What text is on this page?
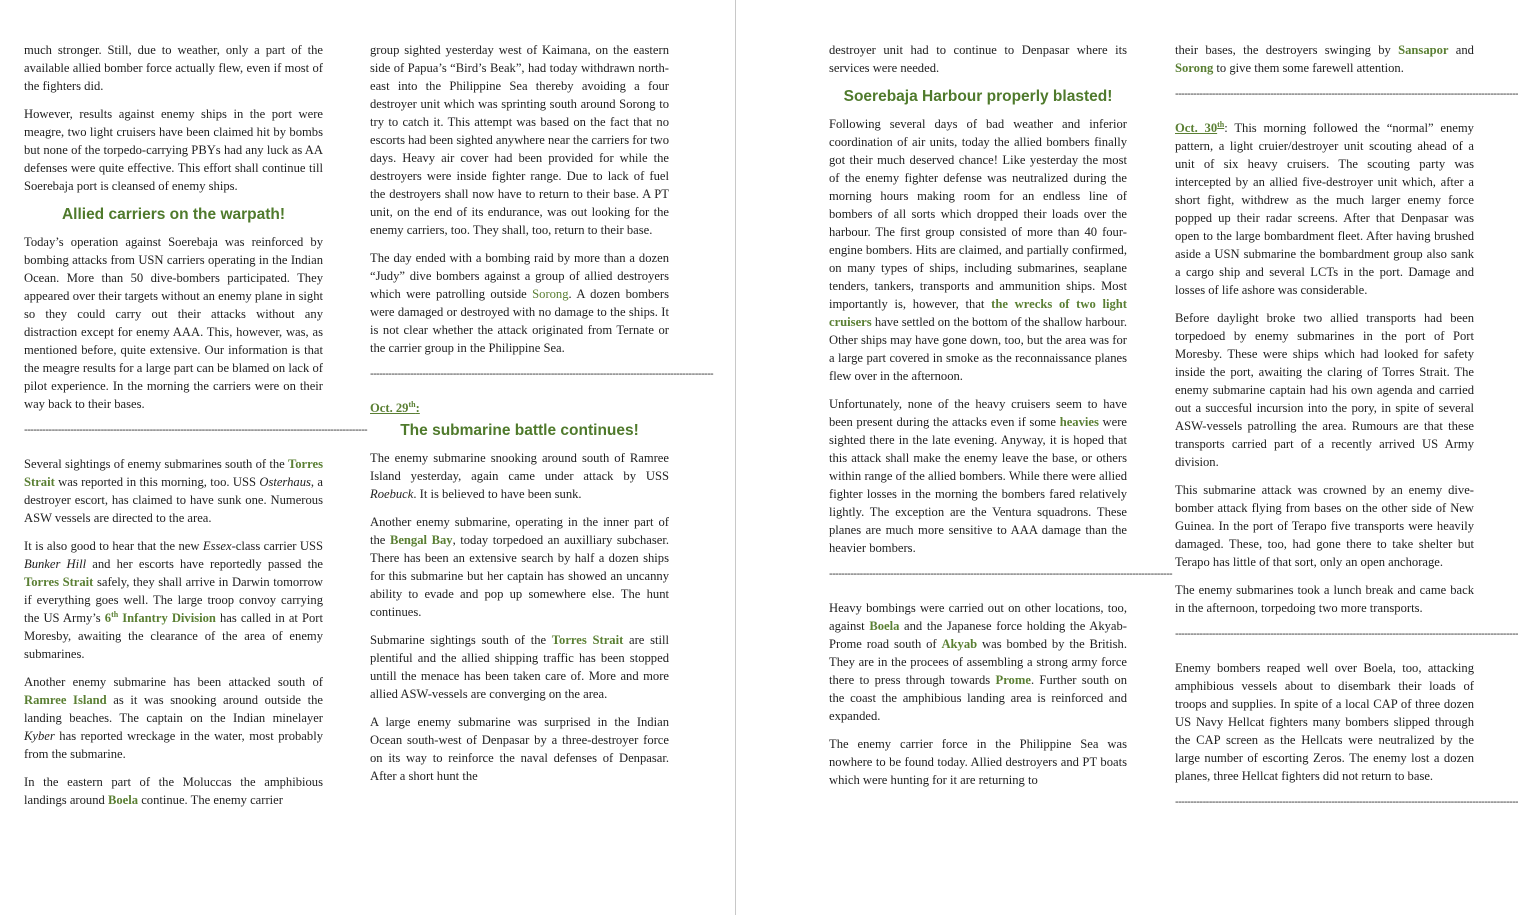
much stronger. Still, due to weather, only a part of the available allied bomber force actually flew, even if most of the fighters did.
However, results against enemy ships in the port were meagre, two light cruisers have been claimed hit by bombs but none of the torpedo-carrying PBYs had any luck as AA defenses were quite effective. This effort shall continue till Soerebaja port is cleansed of enemy ships.
Allied carriers on the warpath!
Today’s operation against Soerebaja was reinforced by bombing attacks from USN carriers operating in the Indian Ocean. More than 50 dive-bombers participated. They appeared over their targets without an enemy plane in sight so they could carry out their attacks without any distraction except for enemy AAA. This, however, was, as mentioned before, quite extensive. Our information is that the meagre results for a large part can be blamed on lack of pilot experience. In the morning the carriers were on their way back to their bases.
----------------------------------------------------------------------------------------------------------------
Several sightings of enemy submarines south of the Torres Strait was reported in this morning, too. USS Osterhaus, a destroyer escort, has claimed to have sunk one. Numerous ASW vessels are directed to the area.
It is also good to hear that the new Essex-class carrier USS Bunker Hill and her escorts have reportedly passed the Torres Strait safely, they shall arrive in Darwin tomorrow if everything goes well. The large troop convoy carrying the US Army’s 6th Infantry Division has called in at Port Moresby, awaiting the clearance of the area of enemy submarines.
Another enemy submarine has been attacked south of Ramree Island as it was snooking around outside the landing beaches. The captain on the Indian minelayer Kyber has reported wreckage in the water, most probably from the submarine.
In the eastern part of the Moluccas the amphibious landings around Boela continue. The enemy carrier
group sighted yesterday west of Kaimana, on the eastern side of Papua’s “Bird’s Beak”, had today withdrawn north-east into the Philippine Sea thereby avoiding a four destroyer unit which was sprinting south around Sorong to try to catch it. This attempt was based on the fact that no escorts had been sighted anywhere near the carriers for two days. Heavy air cover had been provided for while the destroyers were inside fighter range. Due to lack of fuel the destroyers shall now have to return to their base. A PT unit, on the end of its endurance, was out looking for the enemy carriers, too. They shall, too, return to their base.
The day ended with a bombing raid by more than a dozen “Judy” dive bombers against a group of allied destroyers which were patrolling outside Sorong. A dozen bombers were damaged or destroyed with no damage to the ships. It is not clear whether the attack originated from Ternate or the carrier group in the Philippine Sea.
----------------------------------------------------------------------------------------------------------------
Oct. 29th:
The submarine battle continues!
The enemy submarine snooking around south of Ramree Island yesterday, again came under attack by USS Roebuck. It is believed to have been sunk.
Another enemy submarine, operating in the inner part of the Bengal Bay, today torpedoed an auxilliary subchaser. There has been an extensive search by half a dozen ships for this submarine but her captain has showed an uncanny ability to evade and pop up somewhere else. The hunt continues.
Submarine sightings south of the Torres Strait are still plentiful and the allied shipping traffic has been stopped untill the menace has been taken care of. More and more allied ASW-vessels are converging on the area.
A large enemy submarine was surprised in the Indian Ocean south-west of Denpasar by a three-destroyer force on its way to reinforce the naval defenses of Denpasar. After a short hunt the
destroyer unit had to continue to Denpasar where its services were needed.
Soerebaja Harbour properly blasted!
Following several days of bad weather and inferior coordination of air units, today the allied bombers finally got their much deserved chance! Like yesterday the most of the enemy fighter defense was neutralized during the morning hours making room for an endless line of bombers of all sorts which dropped their loads over the harbour. The first group consisted of more than 40 four-engine bombers. Hits are claimed, and partially confirmed, on many types of ships, including submarines, seaplane tenders, tankers, transports and ammunition ships. Most importantly is, however, that the wrecks of two light cruisers have settled on the bottom of the shallow harbour. Other ships may have gone down, too, but the area was for a large part covered in smoke as the reconnaissance planes flew over in the afternoon.
Unfortunately, none of the heavy cruisers seem to have been present during the attacks even if some heavies were sighted there in the late evening. Anyway, it is hoped that this attack shall make the enemy leave the base, or others within range of the allied bombers. While there were allied fighter losses in the morning the bombers fared relatively lightly. The exception are the Ventura squadrons. These planes are much more sensitive to AAA damage than the heavier bombers.
----------------------------------------------------------------------------------------------------------------
Heavy bombings were carried out on other locations, too, against Boela and the Japanese force holding the Akyab-Prome road south of Akyab was bombed by the British. They are in the procees of assembling a strong army force there to press through towards Prome. Further south on the coast the amphibious landing area is reinforced and expanded.
The enemy carrier force in the Philippine Sea was nowhere to be found today. Allied destroyers and PT boats which were hunting for it are returning to
their bases, the destroyers swinging by Sansapor and Sorong to give them some farewell attention.
----------------------------------------------------------------------------------------------------------------
Oct. 30th: This morning followed the “normal” enemy pattern, a light cruier/destroyer unit scouting ahead of a unit of six heavy cruisers. The scouting party was intercepted by an allied five-destroyer unit which, after a short fight, withdrew as the much larger enemy force popped up their radar screens. After that Denpasar was open to the large bombardment fleet. After having brushed aside a USN submarine the bombardment group also sank a cargo ship and several LCTs in the port. Damage and losses of life ashore was considerable.
Before daylight broke two allied transports had been torpedoed by enemy submarines in the port of Port Moresby. These were ships which had looked for safety inside the port, awaiting the claring of Torres Strait. The enemy submarine captain had his own agenda and carried out a succesful incursion into the pory, in spite of several ASW-vessels patrolling the area. Rumours are that these transports carried part of a recently arrived US Army division.
This submarine attack was crowned by an enemy dive-bomber attack flying from bases on the other side of New Guinea. In the port of Terapo five transports were heavily damaged. These, too, had gone there to take shelter but Terapo has little of that sort, only an open anchorage.
The enemy submarines took a lunch break and came back in the afternoon, torpedoing two more transports.
----------------------------------------------------------------------------------------------------------------
Enemy bombers reaped well over Boela, too, attacking amphibious vessels about to disembark their loads of troops and supplies. In spite of a local CAP of three dozen US Navy Hellcat fighters many bombers slipped through the CAP screen as the Hellcats were neutralized by the large number of escorting Zeros. The enemy lost a dozen planes, three Hellcat fighters did not return to base.
----------------------------------------------------------------------------------------------------------------
